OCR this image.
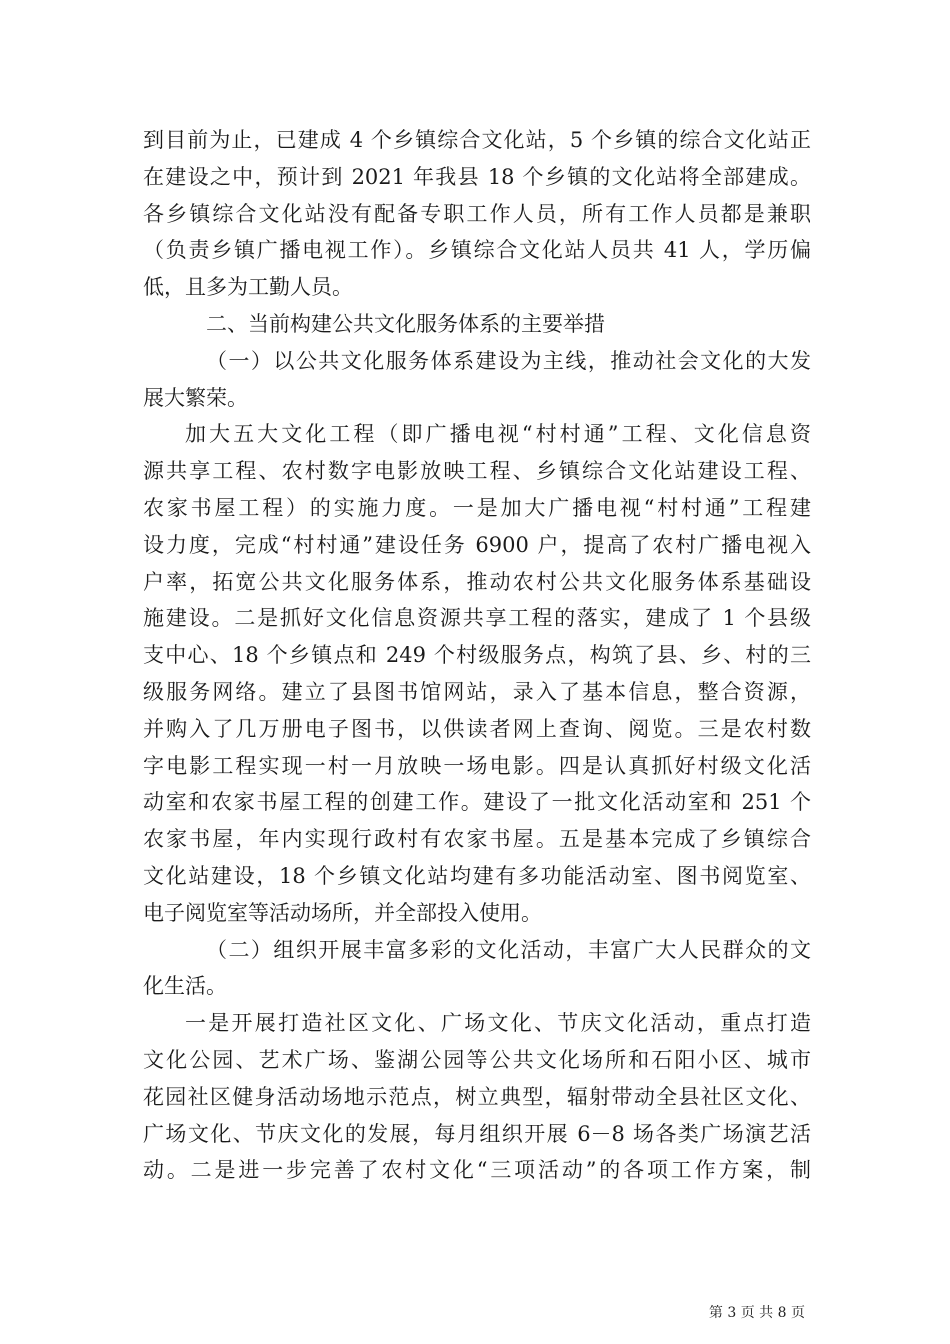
到目前为止，已建成 4 个乡镇综合文化站，5 个乡镇的综合文化站正
在建设之中，预计到 2021 年我县 18 个乡镇的文化站将全部建成。
各乡镇综合文化站没有配备专职工作人员，所有工作人员都是兼职
（负责乡镇广播电视工作）。乡镇综合文化站人员共 41 人，学历偏
低，且多为工勤人员。
二、当前构建公共文化服务体系的主要举措
（一）以公共文化服务体系建设为主线，推动社会文化的大发
展大繁荣。
加大五大文化工程（即广播电视“村村通”工程、文化信息资
源共享工程、农村数字电影放映工程、乡镇综合文化站建设工程、
农家书屋工程）的实施力度。一是加大广播电视“村村通”工程建
设力度，完成“村村通”建设任务 6900 户，提高了农村广播电视入
户率，拓宽公共文化服务体系，推动农村公共文化服务体系基础设
施建设。二是抓好文化信息资源共享工程的落实，建成了 1 个县级
支中心、18 个乡镇点和 249 个村级服务点，构筑了县、乡、村的三
级服务网络。建立了县图书馆网站，录入了基本信息，整合资源，
并购入了几万册电子图书，以供读者网上查询、阅览。三是农村数
字电影工程实现一村一月放映一场电影。四是认真抓好村级文化活
动室和农家书屋工程的创建工作。建设了一批文化活动室和 251 个
农家书屋，年内实现行政村有农家书屋。五是基本完成了乡镇综合
文化站建设，18 个乡镇文化站均建有多功能活动室、图书阅览室、
电子阅览室等活动场所，并全部投入使用。
（二）组织开展丰富多彩的文化活动，丰富广大人民群众的文
化生活。
一是开展打造社区文化、广场文化、节庆文化活动，重点打造
文化公园、艺术广场、鉴湖公园等公共文化场所和石阳小区、城市
花园社区健身活动场地示范点，树立典型，辐射带动全县社区文化、
广场文化、节庆文化的发展，每月组织开展 6－8 场各类广场演艺活
动。二是进一步完善了农村文化“三项活动”的各项工作方案，制
第 3 页 共 8 页
